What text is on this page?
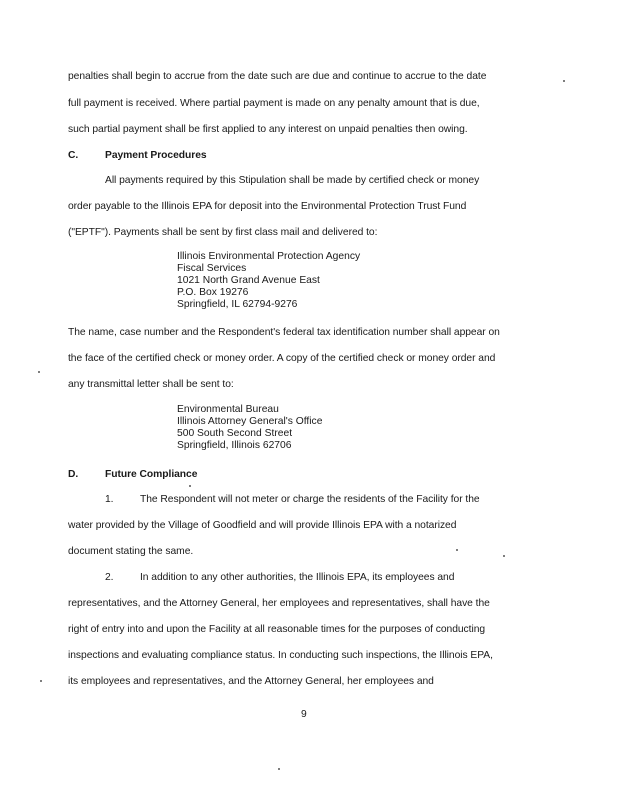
penalties shall begin to accrue from the date such are due and continue to accrue to the date
full payment is received. Where partial payment is made on any penalty amount that is due,
such partial payment shall be first applied to any interest on unpaid penalties then owing.
C.	Payment Procedures
All payments required by this Stipulation shall be made by certified check or money
order payable to the Illinois EPA for deposit into the Environmental Protection Trust Fund
("EPTF"). Payments shall be sent by first class mail and delivered to:
Illinois Environmental Protection Agency
Fiscal Services
1021 North Grand Avenue East
P.O. Box 19276
Springfield, IL 62794-9276
The name, case number and the Respondent's federal tax identification number shall appear on
the face of the certified check or money order. A copy of the certified check or money order and
any transmittal letter shall be sent to:
Environmental Bureau
Illinois Attorney General's Office
500 South Second Street
Springfield, Illinois 62706
D.	Future Compliance
1.	The Respondent will not meter or charge the residents of the Facility for the
water provided by the Village of Goodfield and will provide Illinois EPA with a notarized
document stating the same.
2.	In addition to any other authorities, the Illinois EPA, its employees and
representatives, and the Attorney General, her employees and representatives, shall have the
right of entry into and upon the Facility at all reasonable times for the purposes of conducting
inspections and evaluating compliance status. In conducting such inspections, the Illinois EPA,
its employees and representatives, and the Attorney General, her employees and
9
